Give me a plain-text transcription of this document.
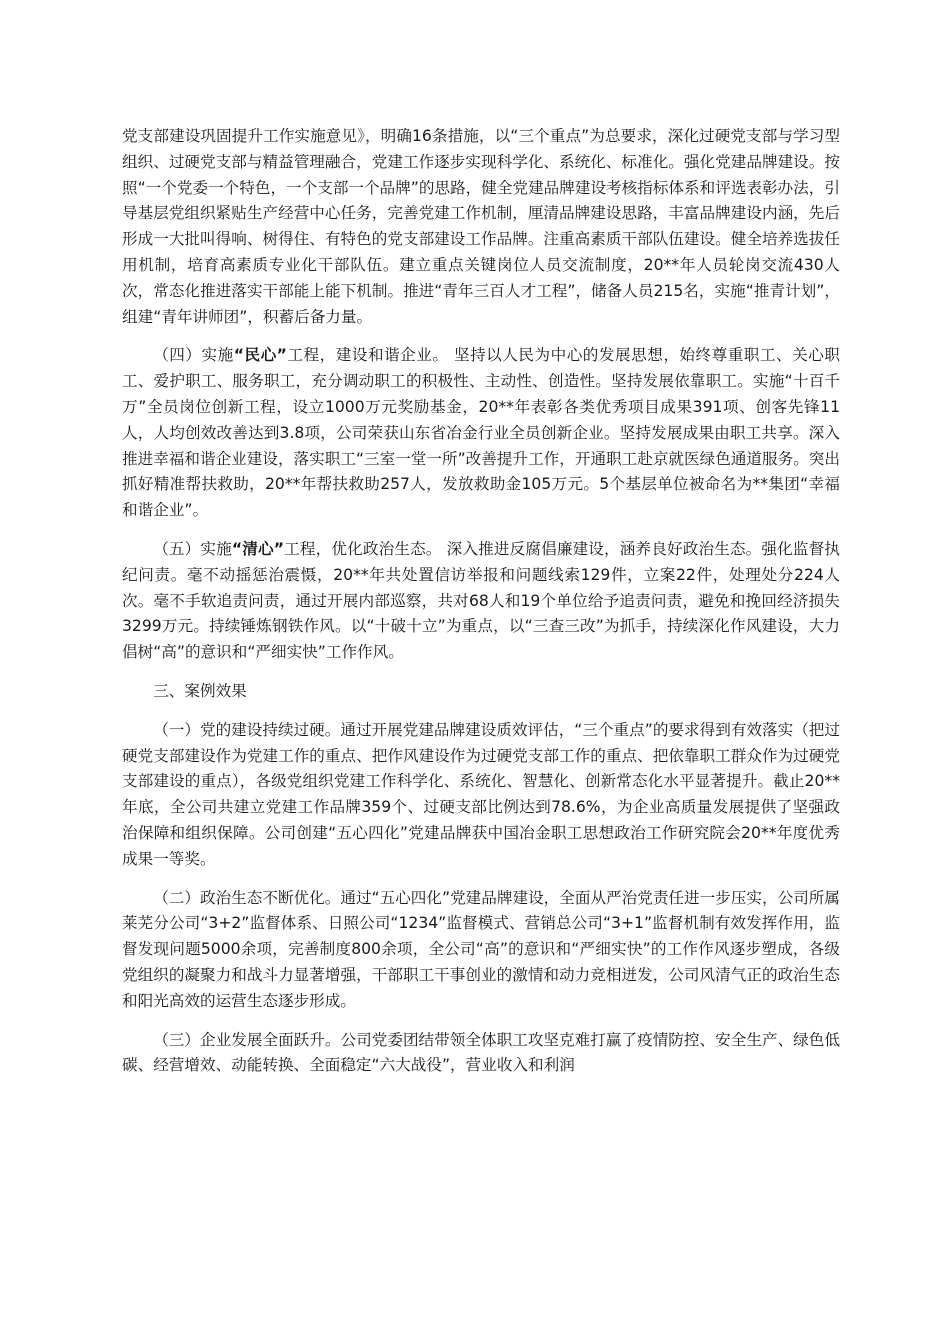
党支部建设巩固提升工作实施意见》，明确16条措施，以“三个重点”为总要求，深化过硬党支部与学习型组织、过硬党支部与精益管理融合，党建工作逐步实现科学化、系统化、标准化。强化党建品牌建设。按照“一个党委一个特色，一个支部一个品牌”的思路，健全党建品牌建设考核指标体系和评选表彰办法，引导基层党组织紧贴生产经营中心任务，完善党建工作机制，厘清品牌建设思路，丰富品牌建设内涵，先后形成一大批叫得响、树得住、有特色的党支部建设工作品牌。注重高素质干部队伍建设。健全培养选拔任用机制，培育高素质专业化干部队伍。建立重点关键岗位人员交流制度，20**年人员轮岗交流430人次，常态化推进落实干部能上能下机制。推进“青年三百人才工程”，储备人员215名，实施“推青计划”，组建“青年讲师团”，积蓄后备力量。

（四）实施“民心”工程，建设和谐企业。 坚持以人民为中心的发展思想，始终尊重职工、关心职工、爱护职工、服务职工，充分调动职工的积极性、主动性、创造性。坚持发展依靠职工。实施“十百千万”全员岗位创新工程，设立1000万元奖励基金，20**年表彰各类优秀项目成果391项、创客先锋11人，人均创效改善达到3.8项，公司荣获山东省冶金行业全员创新企业。坚持发展成果由职工共享。深入推进幸福和谐企业建设，落实职工“三室一堂一所”改善提升工作，开通职工赴京就医绿色通道服务。突出抓好精准帮扶救助，20**年帮扶救助257人，发放救助金105万元。5个基层单位被命名为**集团“幸福和谐企业”。

（五）实施“清心”工程，优化政治生态。 深入推进反腐倡廉建设，涵养良好政治生态。强化监督执纪问责。毫不动摇惩治震慑，20**年共处置信访举报和问题线索129件，立案22件，处理处分224人次。毫不手软追责问责，通过开展内部巡察，共对68人和19个单位给予追责问责，避免和挽回经济损失3299万元。持续锤炼钢铁作风。以“十破十立”为重点，以“三查三改”为抓手，持续深化作风建设，大力倡树“高”的意识和“严细实快”工作作风。

三、案例效果

（一）党的建设持续过硬。通过开展党建品牌建设质效评估，“三个重点”的要求得到有效落实（把过硬党支部建设作为党建工作的重点、把作风建设作为过硬党支部工作的重点、把依靠职工群众作为过硬党支部建设的重点），各级党组织党建工作科学化、系统化、智慧化、创新常态化水平显著提升。截止20**年底，全公司共建立党建工作品牌359个、过硬支部比例达到78.6%，为企业高质量发展提供了坚强政治保障和组织保障。公司创建“五心四化”党建品牌获中国冶金职工思想政治工作研究院会20**年度优秀成果一等奖。

（二）政治生态不断优化。通过“五心四化”党建品牌建设，全面从严治党责任进一步压实，公司所属莱芜分公司“3+2”监督体系、日照公司“1234”监督模式、营销总公司“3+1”监督机制有效发挥作用，监督发现问题5000余项，完善制度800余项，全公司“高”的意识和“严细实快”的工作作风逐步塑成，各级党组织的凝聚力和战斗力显著增强，干部职工干事创业的激情和动力竞相迸发，公司风清气正的政治生态和阳光高效的运营生态逐步形成。

（三）企业发展全面跃升。公司党委团结带领全体职工攻坚克难打赢了疫情防控、安全生产、绿色低碳、经营增效、动能转换、全面稳定“六大战役”，营业收入和利润
